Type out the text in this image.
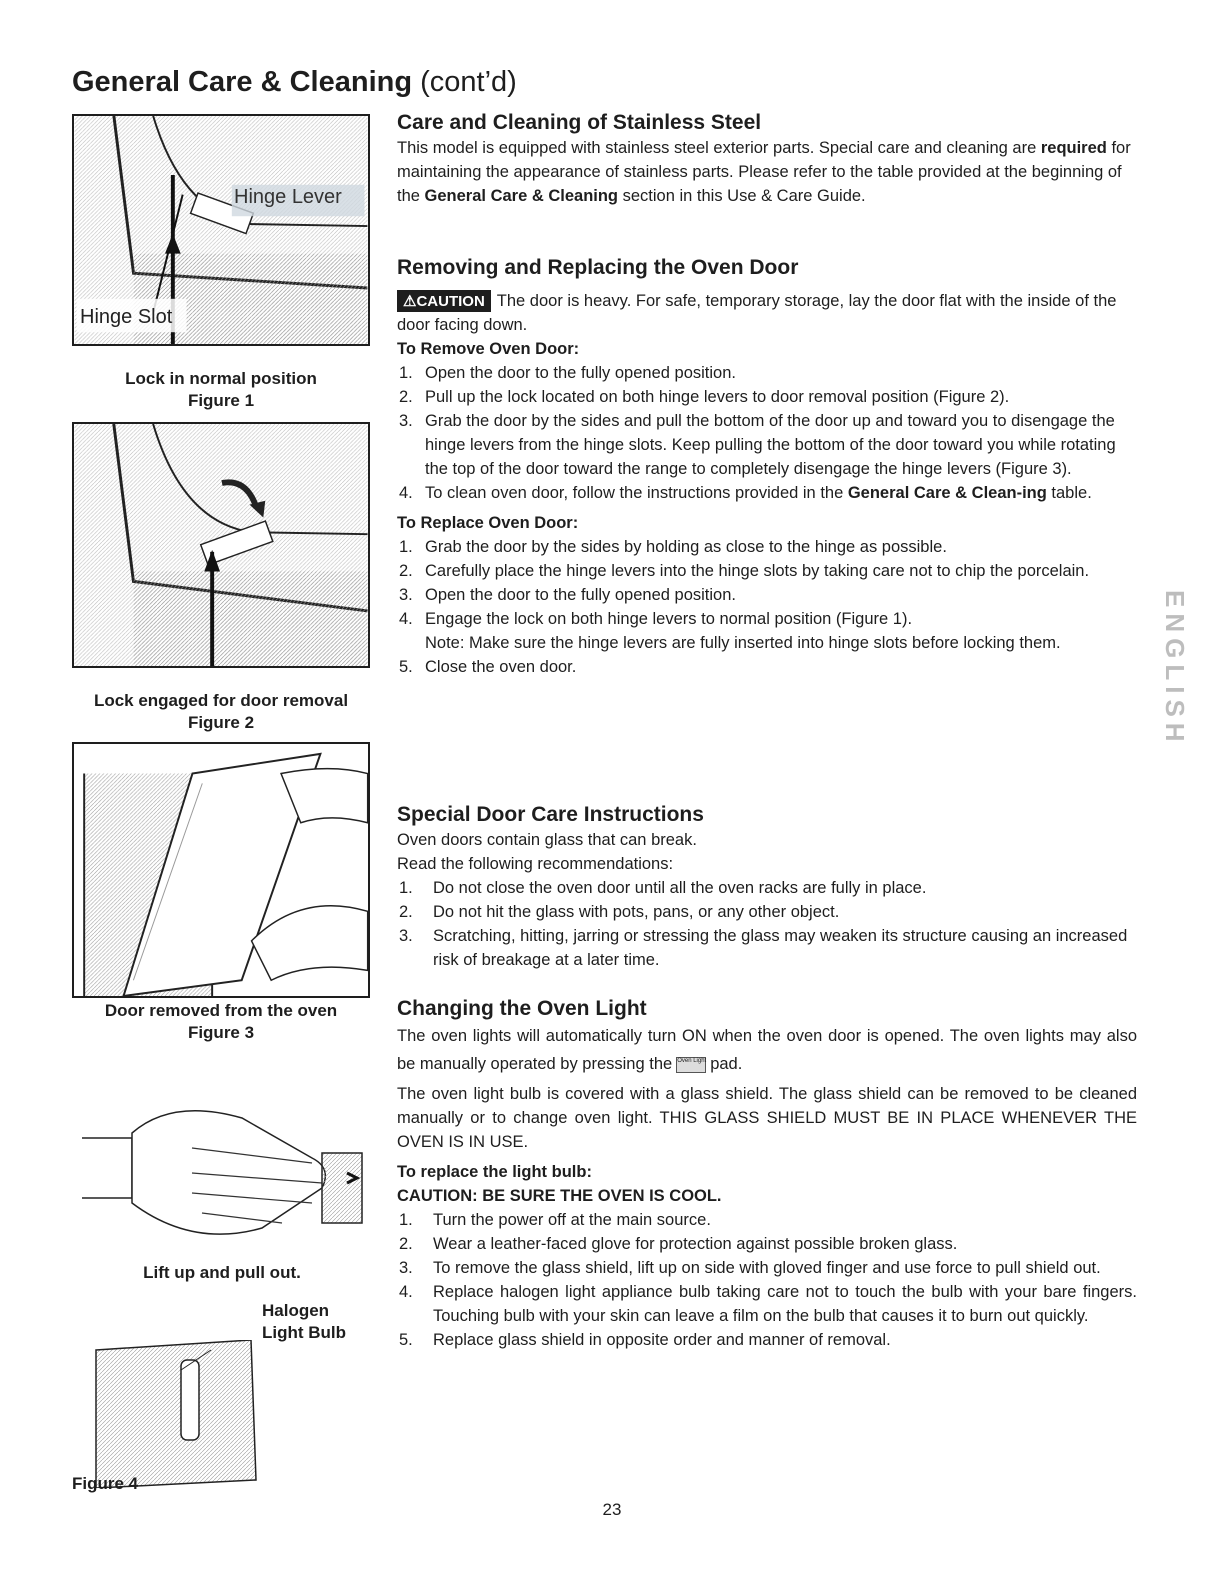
General Care & Cleaning (cont’d)
Hinge Lever
Hinge Slot
Lock in normal position
Figure 1
Lock engaged for door removal
Figure 2
Door removed from the oven
Figure 3
Lift up and pull out.
Halogen
Light Bulb
Figure 4
Care and Cleaning of Stainless Steel

This model is equipped with stainless steel exterior parts. Special care and cleaning are required for maintaining the appearance of stainless parts. Please refer to the table provided at the beginning of the General Care & Cleaning section in this Use & Care Guide.

Removing and Replacing the Oven Door

⚠CAUTION The door is heavy. For safe, temporary storage, lay the door flat with the inside of the door facing down.

To Remove Oven Door:

1. Open the door to the fully opened position.
2. Pull up the lock located on both hinge levers to door removal position (Figure 2).
3. Grab the door by the sides and pull the bottom of the door up and toward you to disengage the hinge levers from the hinge slots. Keep pulling the bottom of the door toward you while rotating the top of the door toward the range to completely disengage the hinge levers (Figure 3).
4. To clean oven door, follow the instructions provided in the General Care & Clean-ing table.

To Replace Oven Door:

1. Grab the door by the sides by holding as close to the hinge as possible.
2. Carefully place the hinge levers into the hinge slots by taking care not to chip the porcelain.
3. Open the door to the fully opened position.
4. Engage the lock on both hinge levers to normal position (Figure 1).
Note: Make sure the hinge levers are fully inserted into hinge slots before locking them.
5. Close the oven door.
Special Door Care Instructions

Oven doors contain glass that can break.

Read the following recommendations:

1. Do not close the oven door until all the oven racks are fully in place.
2. Do not hit the glass with pots, pans, or any other object.
3. Scratching, hitting, jarring or stressing the glass may weaken its structure causing an increased risk of breakage at a later time.
Changing the Oven Light

The oven lights will automatically turn ON when the oven door is opened. The oven lights may also be manually operated by pressing the Oven Light pad.

The oven light bulb is covered with a glass shield. The glass shield can be removed to be cleaned manually or to change oven light. THIS GLASS SHIELD MUST BE IN PLACE WHENEVER THE OVEN IS IN USE.

To replace the light bulb:

CAUTION: BE SURE THE OVEN IS COOL.

1. Turn the power off at the main source.
2. Wear a leather-faced glove for protection against possible broken glass.
3. To remove the glass shield, lift up on side with gloved finger and use force to pull shield out.
4. Replace halogen light appliance bulb taking care not to touch the bulb with your bare fingers. Touching bulb with your skin can leave a film on the bulb that causes it to burn out quickly.
5. Replace glass shield in opposite order and manner of removal.
ENGLISH
23
